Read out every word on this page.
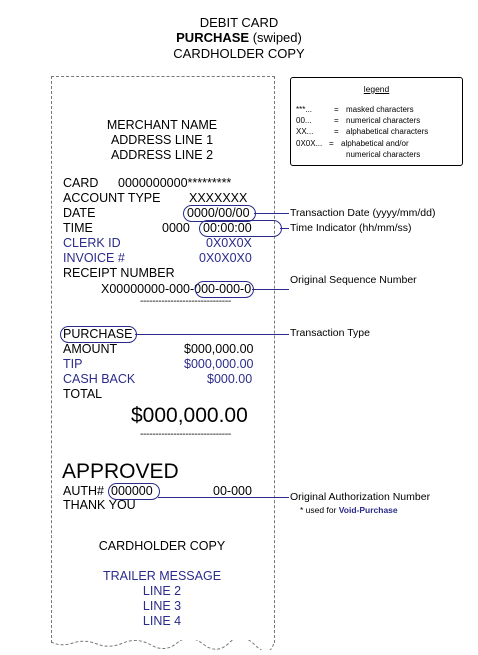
DEBIT CARD
PURCHASE (swiped)
CARDHOLDER COPY
legend
***...	= masked characters
00...	= numerical characters
XX...	= alphabetical characters
0X0X... = alphabetical and/or
numerical characters
MERCHANT NAME
ADDRESS LINE 1
ADDRESS LINE 2
CARD 0000000000*********
ACCOUNT TYPE XXXXXXX
DATE	0000/00/00
TIME	0000 00:00:00
CLERK ID	0X0X0X
INVOICE #	0X0X0X0
RECEIPT NUMBER
X00000000-000-000-000-0
------------------------------
PURCHASE
AMOUNT	$000,000.00
TIP	$000,000.00
CASH BACK	$000.00
TOTAL
$000,000.00
------------------------------
APPROVED
AUTH# 000000	00-000
THANK YOU
CARDHOLDER COPY
TRAILER MESSAGE
LINE 2
LINE 3
LINE 4
Transaction Date (yyyy/mm/dd)
Time Indicator (hh/mm/ss)
Original Sequence Number
Transaction Type
Original Authorization Number
* used for Void-Purchase
